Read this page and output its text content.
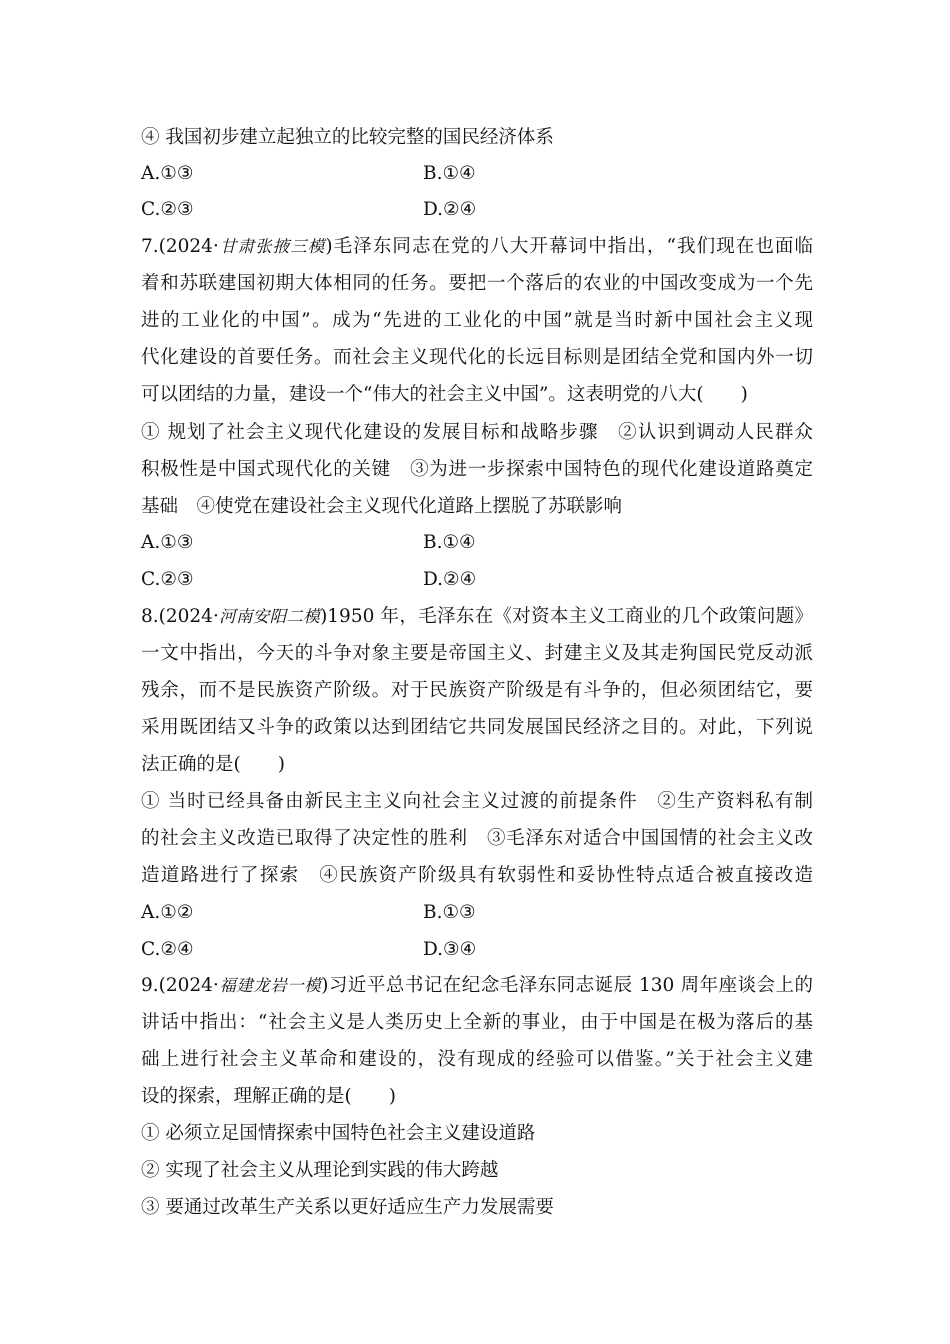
④ 我国初步建立起独立的比较完整的国民经济体系
A.①③	B.①④
C.②③	D.②④
7.(2024·甘肃张掖三模)毛泽东同志在党的八大开幕词中指出，“我们现在也面临
着和苏联建国初期大体相同的任务。要把一个落后的农业的中国改变成为一个先
进的工业化的中国”。成为“先进的工业化的中国”就是当时新中国社会主义现
代化建设的首要任务。而社会主义现代化的长远目标则是团结全党和国内外一切
可以团结的力量，建设一个“伟大的社会主义中国”。这表明党的八大(　　)
① 规划了社会主义现代化建设的发展目标和战略步骤　②认识到调动人民群众
积极性是中国式现代化的关键　③为进一步探索中国特色的现代化建设道路奠定
基础　④使党在建设社会主义现代化道路上摆脱了苏联影响
A.①③	B.①④
C.②③	D.②④
8.(2024·河南安阳二模)1950 年，毛泽东在《对资本主义工商业的几个政策问题》
一文中指出，今天的斗争对象主要是帝国主义、封建主义及其走狗国民党反动派
残余，而不是民族资产阶级。对于民族资产阶级是有斗争的，但必须团结它，要
采用既团结又斗争的政策以达到团结它共同发展国民经济之目的。对此，下列说
法正确的是(　　)
① 当时已经具备由新民主主义向社会主义过渡的前提条件　②生产资料私有制
的社会主义改造已取得了决定性的胜利　③毛泽东对适合中国国情的社会主义改
造道路进行了探索　④民族资产阶级具有软弱性和妥协性特点适合被直接改造
A.①②	B.①③
C.②④	D.③④
9.(2024·福建龙岩一模)习近平总书记在纪念毛泽东同志诞辰 130 周年座谈会上的
讲话中指出：“社会主义是人类历史上全新的事业，由于中国是在极为落后的基
础上进行社会主义革命和建设的，没有现成的经验可以借鉴。”关于社会主义建
设的探索，理解正确的是(　　)
① 必须立足国情探索中国特色社会主义建设道路
② 实现了社会主义从理论到实践的伟大跨越
③ 要通过改革生产关系以更好适应生产力发展需要
